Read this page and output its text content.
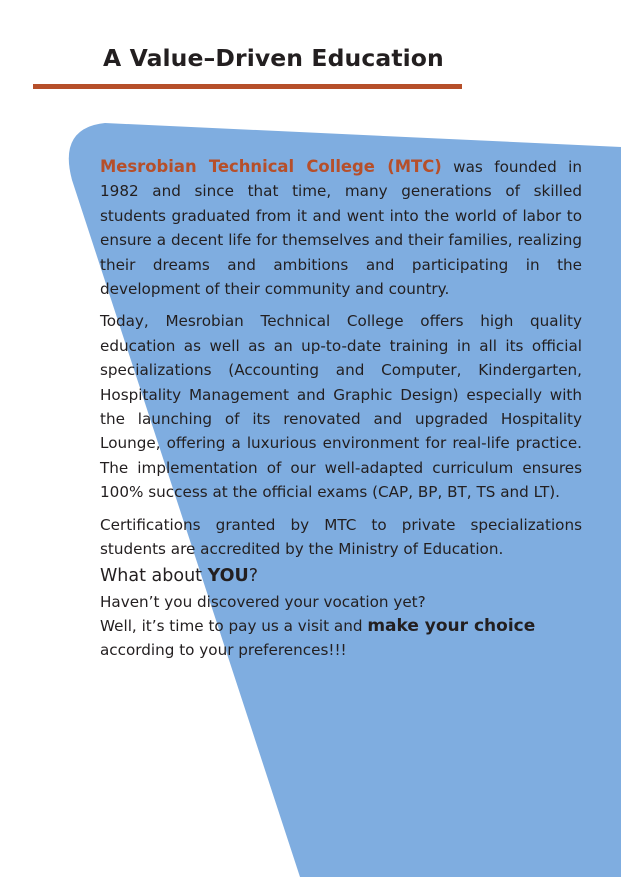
A Value–Driven Education

Mesrobian Technical College (MTC) was founded in 1982 and since that time, many generations of skilled students graduated from it and went into the world of labor to ensure a decent life for themselves and their families, realizing their dreams and ambitions and participating in the development of their community and country.

Today, Mesrobian Technical College offers high quality education as well as an up-to-date training in all its official specializations (Accounting and Computer, Kindergarten, Hospitality Management and Graphic Design) especially with the launching of its renovated and upgraded Hospitality Lounge, offering a luxurious environment for real-life practice. The implementation of our well-adapted curriculum ensures 100% success at the official exams (CAP, BP, BT, TS and LT).

Certifications granted by MTC to private specializations students are accredited by the Ministry of Education.

What about YOU?

Haven’t you discovered your vocation yet?

Well, it’s time to pay us a visit and make your choice

according to your preferences!!!
